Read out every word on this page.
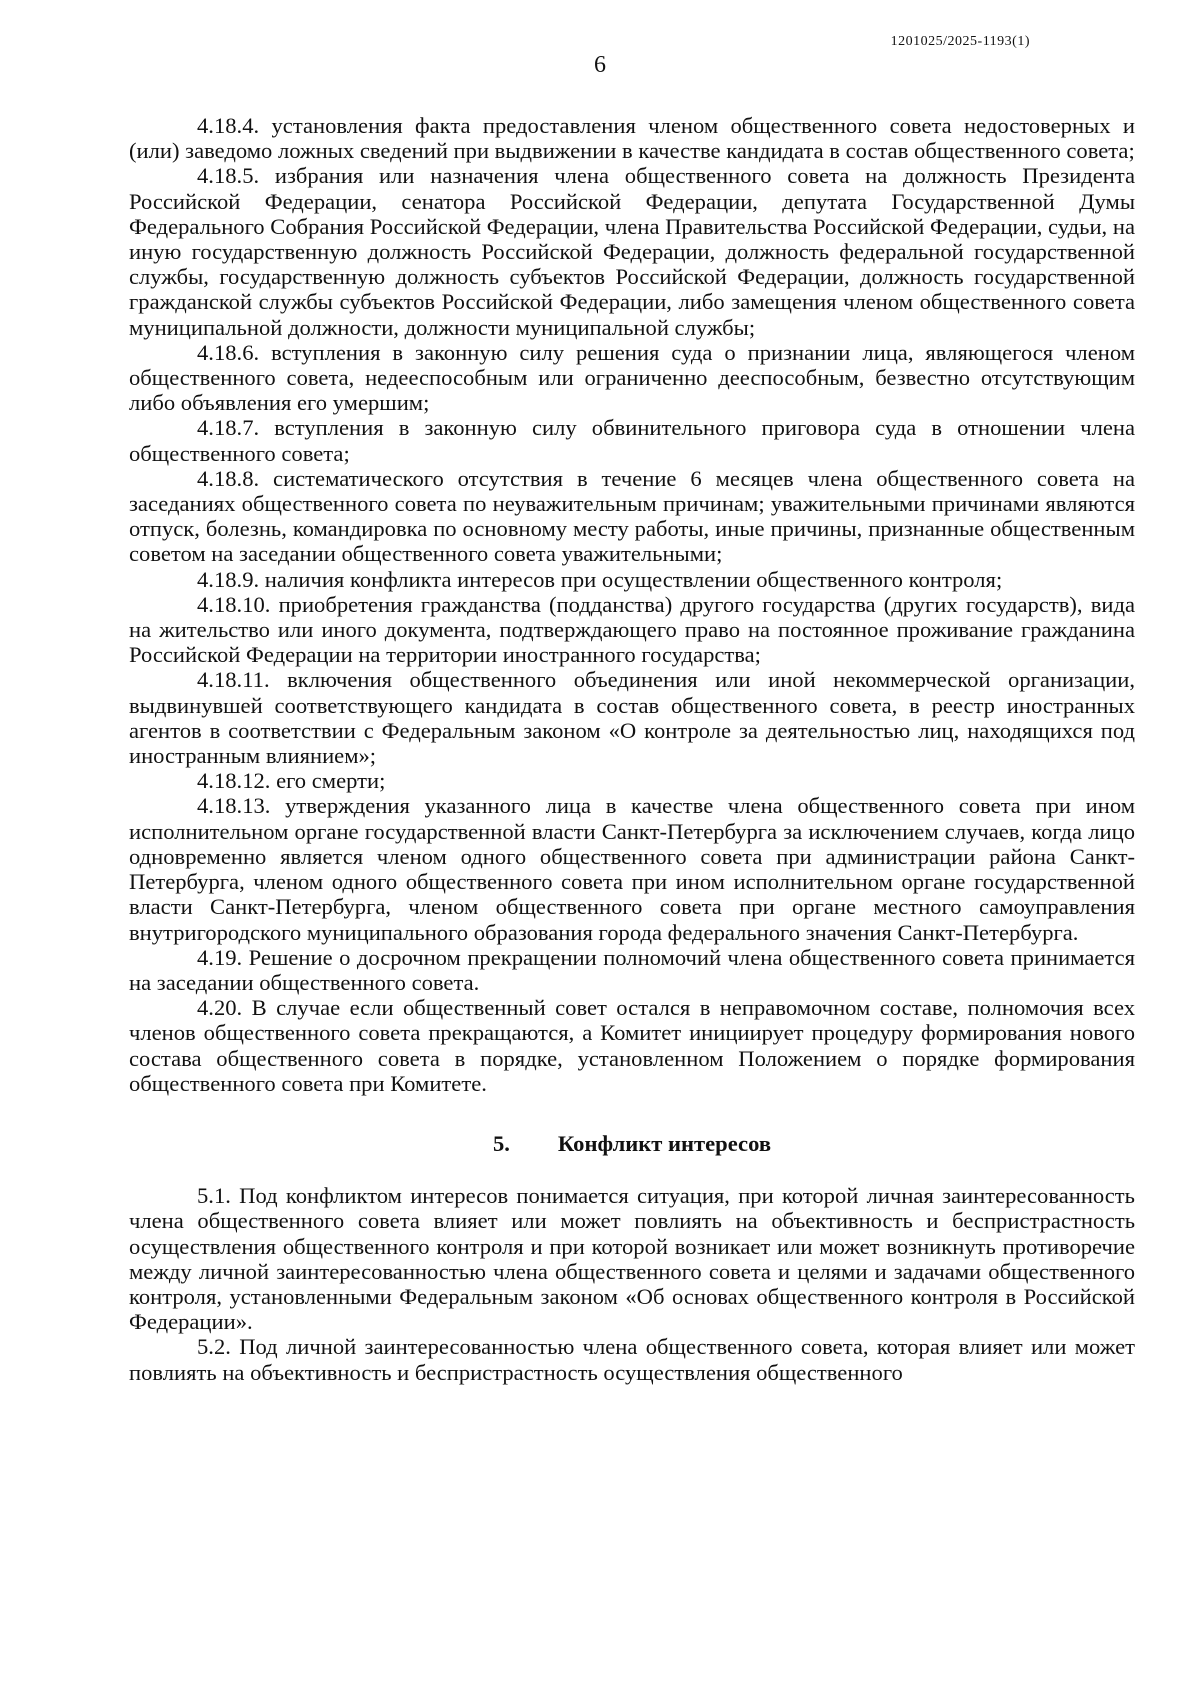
1201025/2025-1193(1)
6

4.18.4. установления факта предоставления членом общественного совета недостоверных и (или) заведомо ложных сведений при выдвижении в качестве кандидата в состав общественного совета;

4.18.5. избрания или назначения члена общественного совета на должность Президента Российской Федерации, сенатора Российской Федерации, депутата Государственной Думы Федерального Собрания Российской Федерации, члена Правительства Российской Федерации, судьи, на иную государственную должность Российской Федерации, должность федеральной государственной службы, государственную должность субъектов Российской Федерации, должность государственной гражданской службы субъектов Российской Федерации, либо замещения членом общественного совета муниципальной должности, должности муниципальной службы;

4.18.6. вступления в законную силу решения суда о признании лица, являющегося членом общественного совета, недееспособным или ограниченно дееспособным, безвестно отсутствующим либо объявления его умершим;

4.18.7. вступления в законную силу обвинительного приговора суда в отношении члена общественного совета;

4.18.8. систематического отсутствия в течение 6 месяцев члена общественного совета на заседаниях общественного совета по неуважительным причинам; уважительными причинами являются отпуск, болезнь, командировка по основному месту работы, иные причины, признанные общественным советом на заседании общественного совета уважительными;

4.18.9. наличия конфликта интересов при осуществлении общественного контроля;

4.18.10. приобретения гражданства (подданства) другого государства (других государств), вида на жительство или иного документа, подтверждающего право на постоянное проживание гражданина Российской Федерации на территории иностранного государства;

4.18.11. включения общественного объединения или иной некоммерческой организации, выдвинувшей соответствующего кандидата в состав общественного совета, в реестр иностранных агентов в соответствии с Федеральным законом «О контроле за деятельностью лиц, находящихся под иностранным влиянием»;

4.18.12. его смерти;

4.18.13. утверждения указанного лица в качестве члена общественного совета при ином исполнительном органе государственной власти Санкт-Петербурга за исключением случаев, когда лицо одновременно является членом одного общественного совета при администрации района Санкт-Петербурга, членом одного общественного совета при ином исполнительном органе государственной власти Санкт-Петербурга, членом общественного совета при органе местного самоуправления внутригородского муниципального образования города федерального значения Санкт-Петербурга.

4.19. Решение о досрочном прекращении полномочий члена общественного совета принимается на заседании общественного совета.

4.20. В случае если общественный совет остался в неправомочном составе, полномочия всех членов общественного совета прекращаются, а Комитет инициирует процедуру формирования нового состава общественного совета в порядке, установленном Положением о порядке формирования общественного совета при Комитете.

5. Конфликт интересов

5.1. Под конфликтом интересов понимается ситуация, при которой личная заинтересованность члена общественного совета влияет или может повлиять на объективность и беспристрастность осуществления общественного контроля и при которой возникает или может возникнуть противоречие между личной заинтересованностью члена общественного совета и целями и задачами общественного контроля, установленными Федеральным законом «Об основах общественного контроля в Российской Федерации».

5.2. Под личной заинтересованностью члена общественного совета, которая влияет или может повлиять на объективность и беспристрастность осуществления общественного
